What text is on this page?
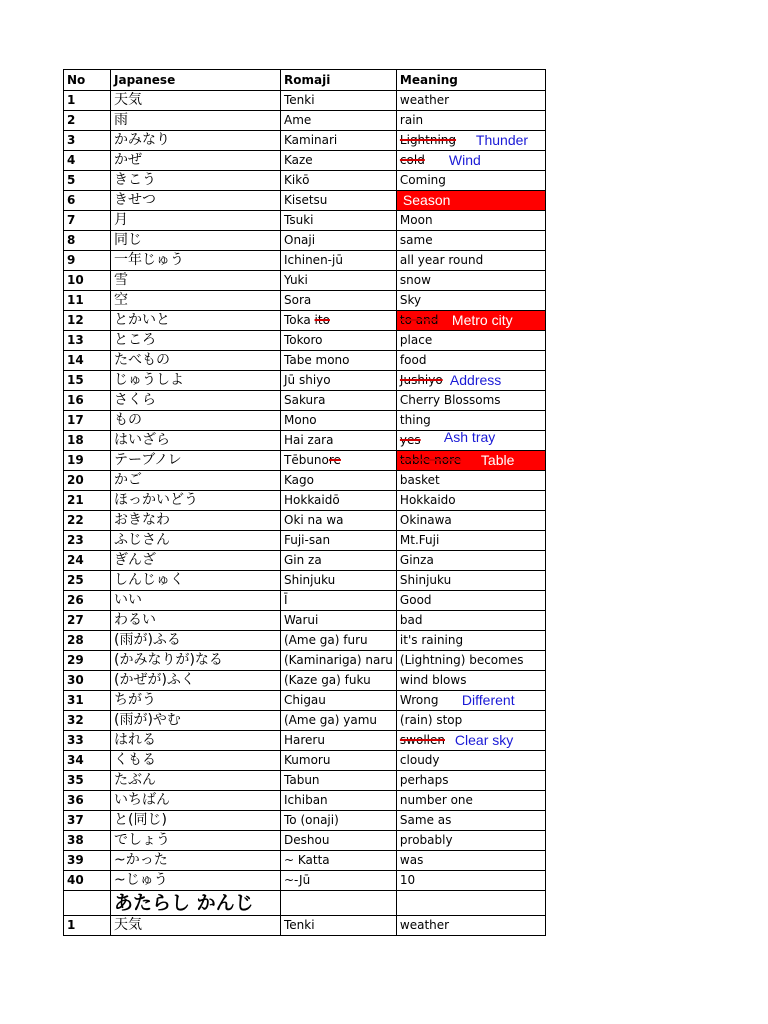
No	Japanese	Romaji	Meaning
1	天気	Tenki	weather
2	雨	Ame	rain
3	かみなり	Kaminari	Lightning Thunder

4	かぜ	Kaze	cold Wind

5	きこう	Kikō	Coming
6	きせつ	Kisetsu	Season

7	月	Tsuki	Moon
8	同じ	Onaji	same
9	一年じゅう	Ichinen-jū	all year round
10	雪	Yuki	snow
11	空	Sora	Sky
12	とかいと	Toka ito	to and Metro city

13	ところ	Tokoro	place
14	たべもの	Tabe mono	food
15	じゅうしよ	Jū shiyo	Jushiyo Address

16	さくら	Sakura	Cherry Blossoms
17	もの	Mono	thing
18	はいざら	Hai zara	yes Ash tray

19	テーブノレ	Tēbunore	table nore Table

20	かご	Kago	basket
21	ほっかいどう	Hokkaidō	Hokkaido
22	おきなわ	Oki na wa	Okinawa
23	ふじさん	Fuji-san	Mt.Fuji
24	ぎんざ	Gin za	Ginza
25	しんじゅく	Shinjuku	Shinjuku
26	いい	Ī	Good
27	わるい	Warui	bad
28	(雨が)ふる	(Ame ga) furu	it's raining
29	(かみなりが)なる	(Kaminariga) naru	(Lightning) becomes
30	(かぜが)ふく	(Kaze ga) fuku	wind blows
31	ちがう	Chigau	Wrong Different

32	(雨が)やむ	(Ame ga) yamu	(rain) stop
33	はれる	Hareru	swollen Clear sky

34	くもる	Kumoru	cloudy
35	たぶん	Tabun	perhaps
36	いちばん	Ichiban	number one
37	と(同じ)	To (onaji)	Same as
38	でしょう	Deshou	probably
39	~かった	~ Katta	was
40	~じゅう	~-Jū	10
	あたらし かんじ		
1	天気	Tenki	weather
